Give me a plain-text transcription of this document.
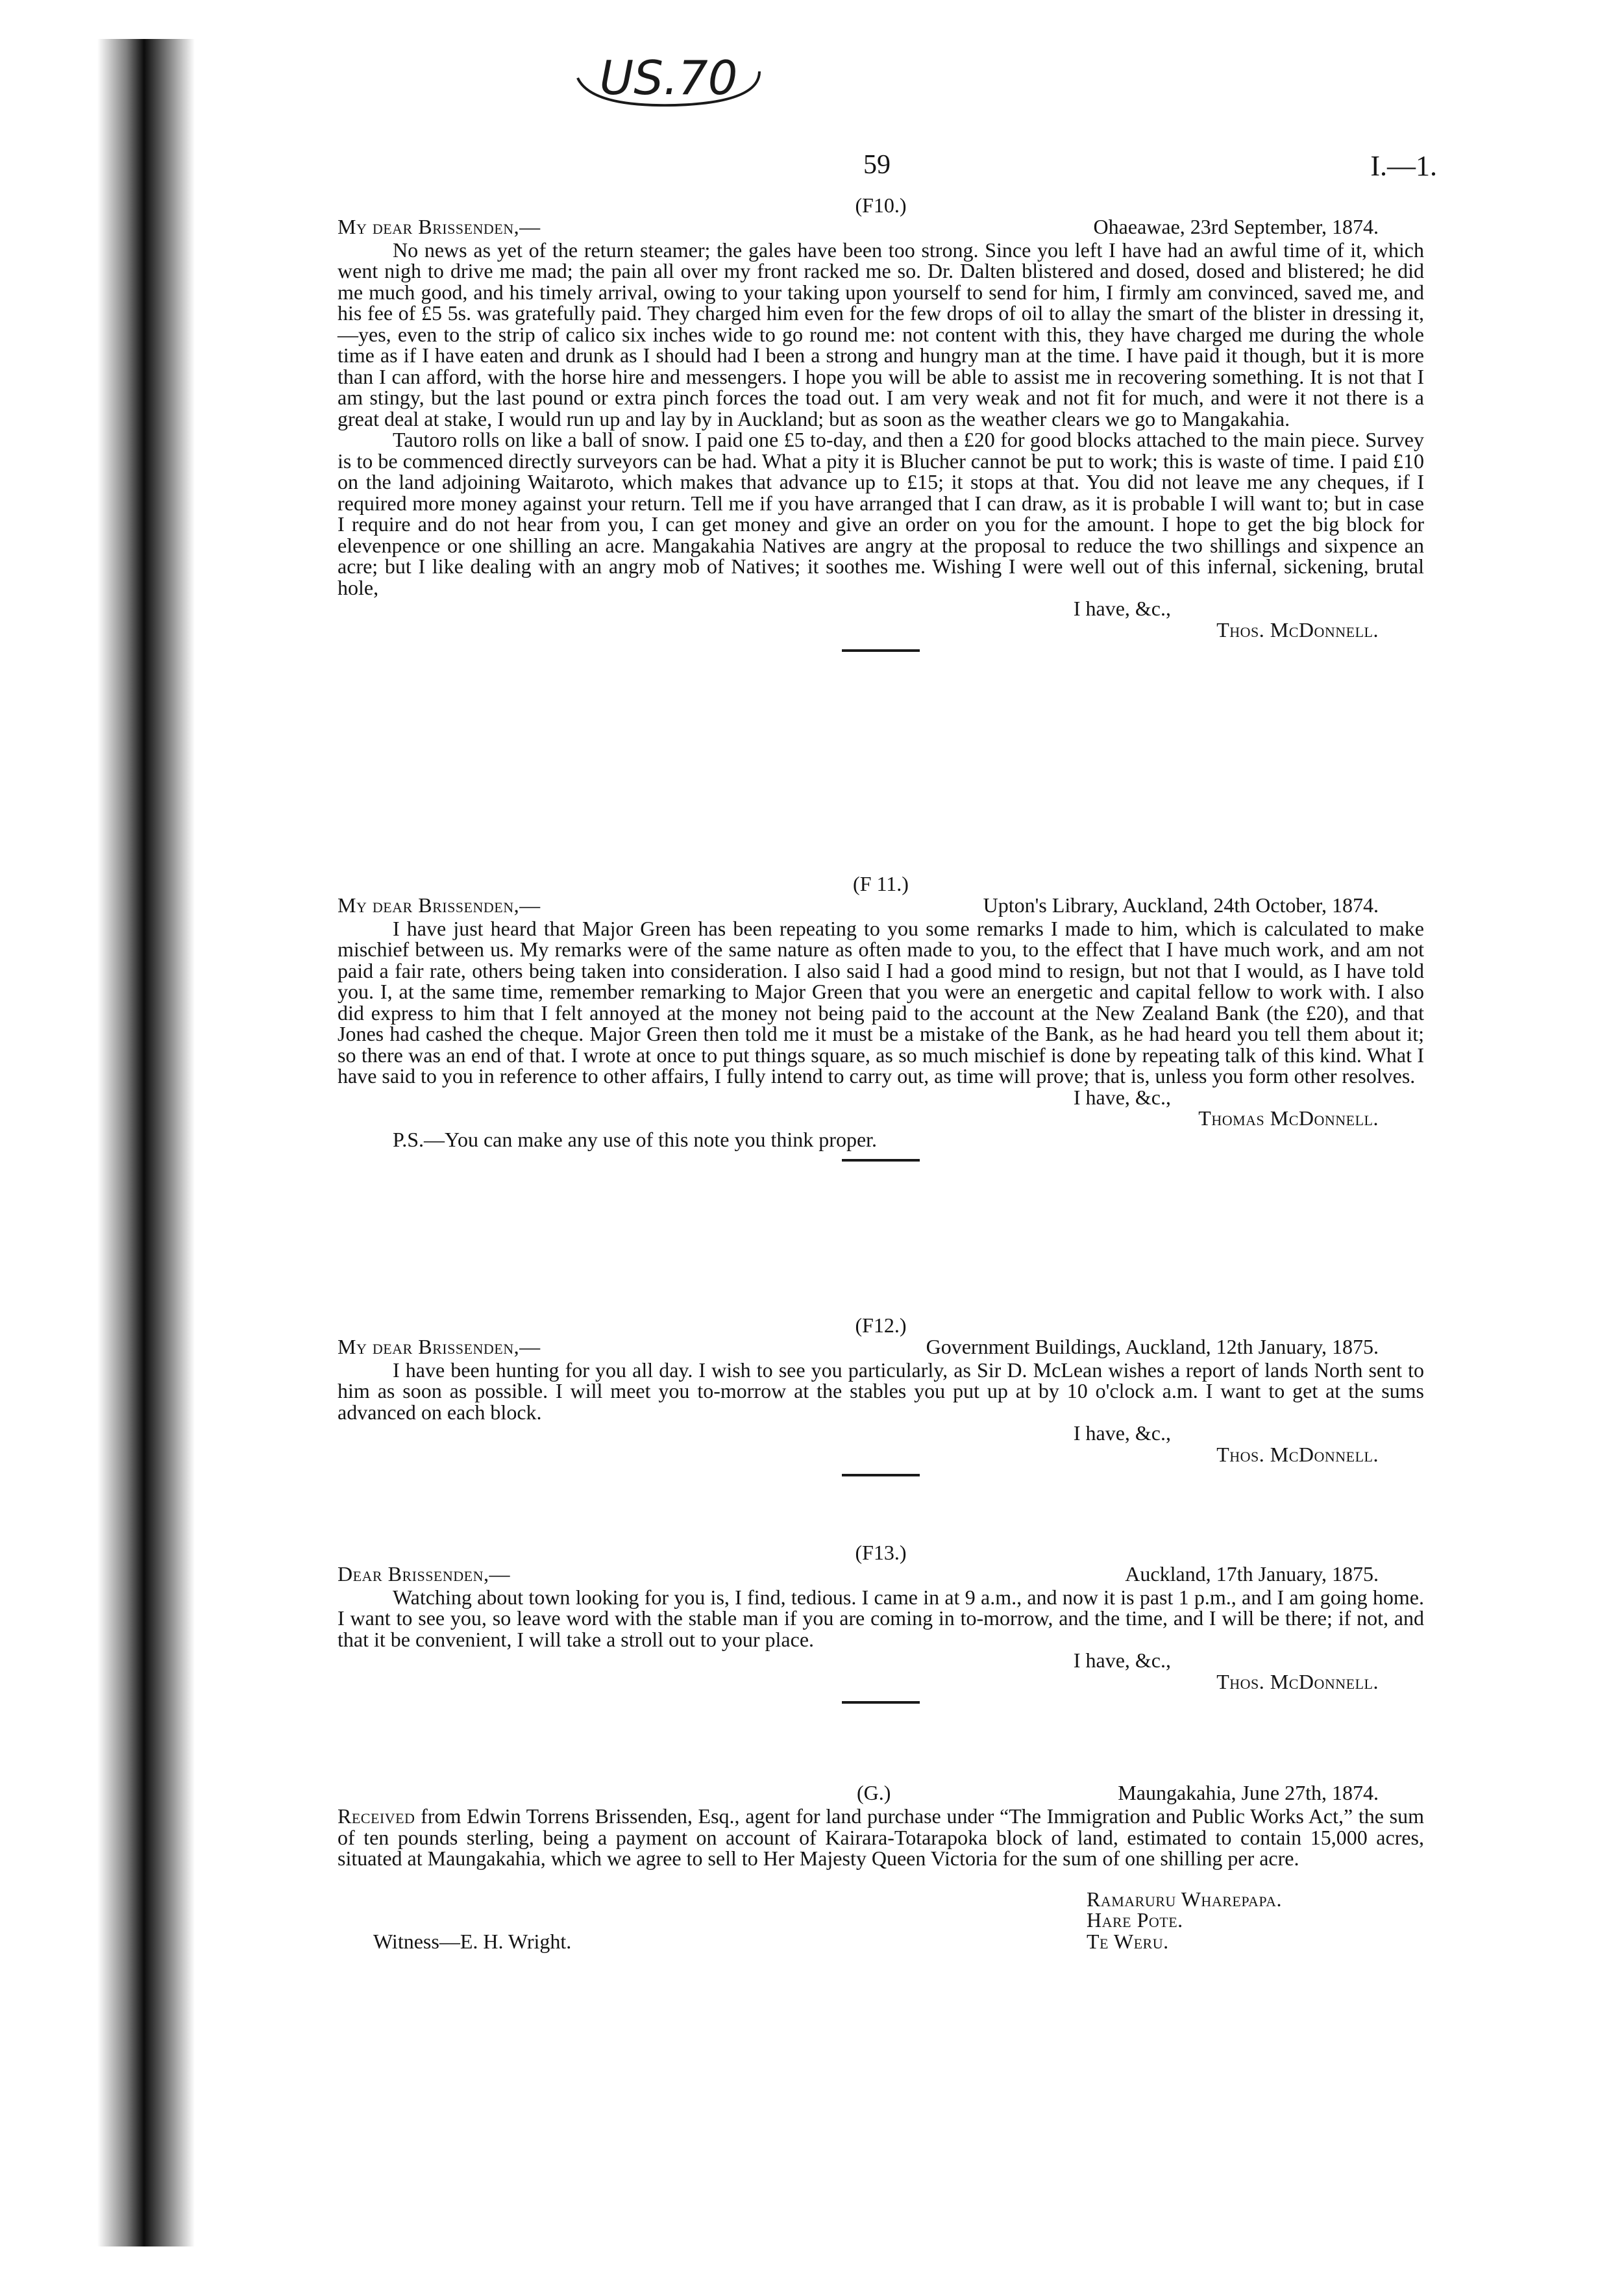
US.70
59	I.—1.
(F10.)
My dear Brissenden,—	Ohaeawae, 23rd September, 1874.

No news as yet of the return steamer; the gales have been too strong. Since you left I have had an awful time of it, which went nigh to drive me mad; the pain all over my front racked me so. Dr. Dalten blistered and dosed, dosed and blistered; he did me much good, and his timely arrival, owing to your taking upon yourself to send for him, I firmly am convinced, saved me, and his fee of £5 5s. was gratefully paid. They charged him even for the few drops of oil to allay the smart of the blister in dressing it,—yes, even to the strip of calico six inches wide to go round me: not content with this, they have charged me during the whole time as if I have eaten and drunk as I should had I been a strong and hungry man at the time. I have paid it though, but it is more than I can afford, with the horse hire and messengers. I hope you will be able to assist me in recovering something. It is not that I am stingy, but the last pound or extra pinch forces the toad out. I am very weak and not fit for much, and were it not there is a great deal at stake, I would run up and lay by in Auckland; but as soon as the weather clears we go to Mangakahia.

Tautoro rolls on like a ball of snow. I paid one £5 to-day, and then a £20 for good blocks attached to the main piece. Survey is to be commenced directly surveyors can be had. What a pity it is Blucher cannot be put to work; this is waste of time. I paid £10 on the land adjoining Waitaroto, which makes that advance up to £15; it stops at that. You did not leave me any cheques, if I required more money against your return. Tell me if you have arranged that I can draw, as it is probable I will want to; but in case I require and do not hear from you, I can get money and give an order on you for the amount. I hope to get the big block for elevenpence or one shilling an acre. Mangakahia Natives are angry at the proposal to reduce the two shillings and sixpence an acre; but I like dealing with an angry mob of Natives; it soothes me. Wishing I were well out of this infernal, sickening, brutal hole,

I have, &c.,
Thos. McDonnell.
(F 11.)
My dear Brissenden,—	Upton's Library, Auckland, 24th October, 1874.

I have just heard that Major Green has been repeating to you some remarks I made to him, which is calculated to make mischief between us. My remarks were of the same nature as often made to you, to the effect that I have much work, and am not paid a fair rate, others being taken into consideration. I also said I had a good mind to resign, but not that I would, as I have told you. I, at the same time, remember remarking to Major Green that you were an energetic and capital fellow to work with. I also did express to him that I felt annoyed at the money not being paid to the account at the New Zealand Bank (the £20), and that Jones had cashed the cheque. Major Green then told me it must be a mistake of the Bank, as he had heard you tell them about it; so there was an end of that. I wrote at once to put things square, as so much mischief is done by repeating talk of this kind. What I have said to you in reference to other affairs, I fully intend to carry out, as time will prove; that is, unless you form other resolves.

I have, &c.,
Thomas McDonnell.
P.S.—You can make any use of this note you think proper.
(F12.)
My dear Brissenden,—	Government Buildings, Auckland, 12th January, 1875.

I have been hunting for you all day. I wish to see you particularly, as Sir D. McLean wishes a report of lands North sent to him as soon as possible. I will meet you to-morrow at the stables you put up at by 10 o'clock a.m. I want to get at the sums advanced on each block.

I have, &c.,
Thos. McDonnell.
(F13.)
Dear Brissenden,—	Auckland, 17th January, 1875.

Watching about town looking for you is, I find, tedious. I came in at 9 a.m., and now it is past 1 p.m., and I am going home. I want to see you, so leave word with the stable man if you are coming in to-morrow, and the time, and I will be there; if not, and that it be convenient, I will take a stroll out to your place.

I have, &c.,
Thos. McDonnell.
(G.)	Maungakahia, June 27th, 1874.

Received from Edwin Torrens Brissenden, Esq., agent for land purchase under “The Immigration and Public Works Act,” the sum of ten pounds sterling, being a payment on account of Kairara-Totarapoka block of land, estimated to contain 15,000 acres, situated at Maungakahia, which we agree to sell to Her Majesty Queen Victoria for the sum of one shilling per acre.

Witness—E. H. Wright.
Ramaruru Wharepapa.
Hare Pote.
Te Weru.
